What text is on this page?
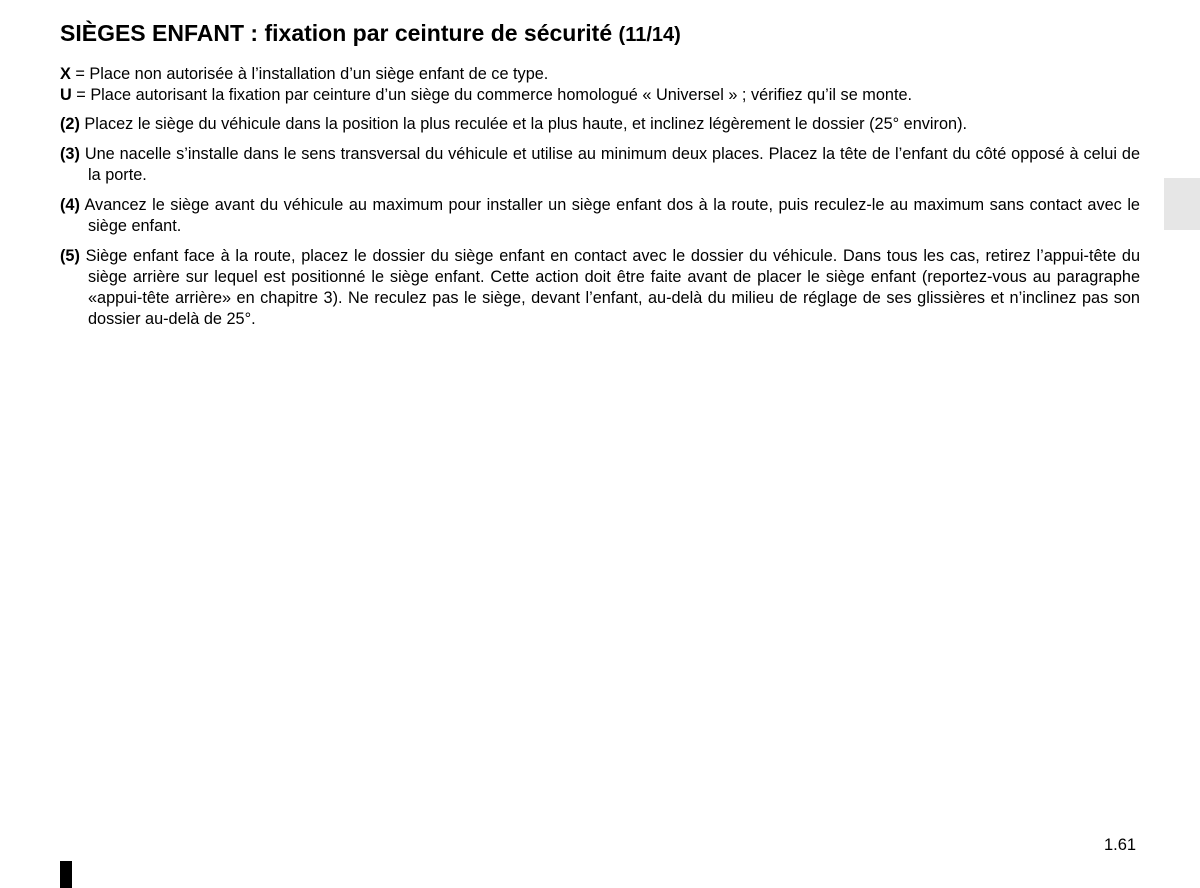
SIÈGES ENFANT : fixation par ceinture de sécurité (11/14)
X = Place non autorisée à l’installation d’un siège enfant de ce type.
U = Place autorisant la fixation par ceinture d’un siège du commerce homologué « Universel » ; vérifiez qu’il se monte.

(2) Placez le siège du véhicule dans la position la plus reculée et la plus haute, et inclinez légèrement le dossier (25° environ).

(3) Une nacelle s’installe dans le sens transversal du véhicule et utilise au minimum deux places. Placez la tête de l’enfant du côté opposé à celui de la porte.

(4) Avancez le siège avant du véhicule au maximum pour installer un siège enfant dos à la route, puis reculez-le au maximum sans contact avec le siège enfant.

(5) Siège enfant face à la route, placez le dossier du siège enfant en contact avec le dossier du véhicule. Dans tous les cas, retirez l’appui-tête du siège arrière sur lequel est positionné le siège enfant. Cette action doit être faite avant de placer le siège enfant (reportez-vous au paragraphe «appui-tête arrière» en chapitre 3). Ne reculez pas le siège, devant l’enfant, au-delà du milieu de réglage de ses glissières et n’inclinez pas son dossier au-delà de 25°.

1.61
